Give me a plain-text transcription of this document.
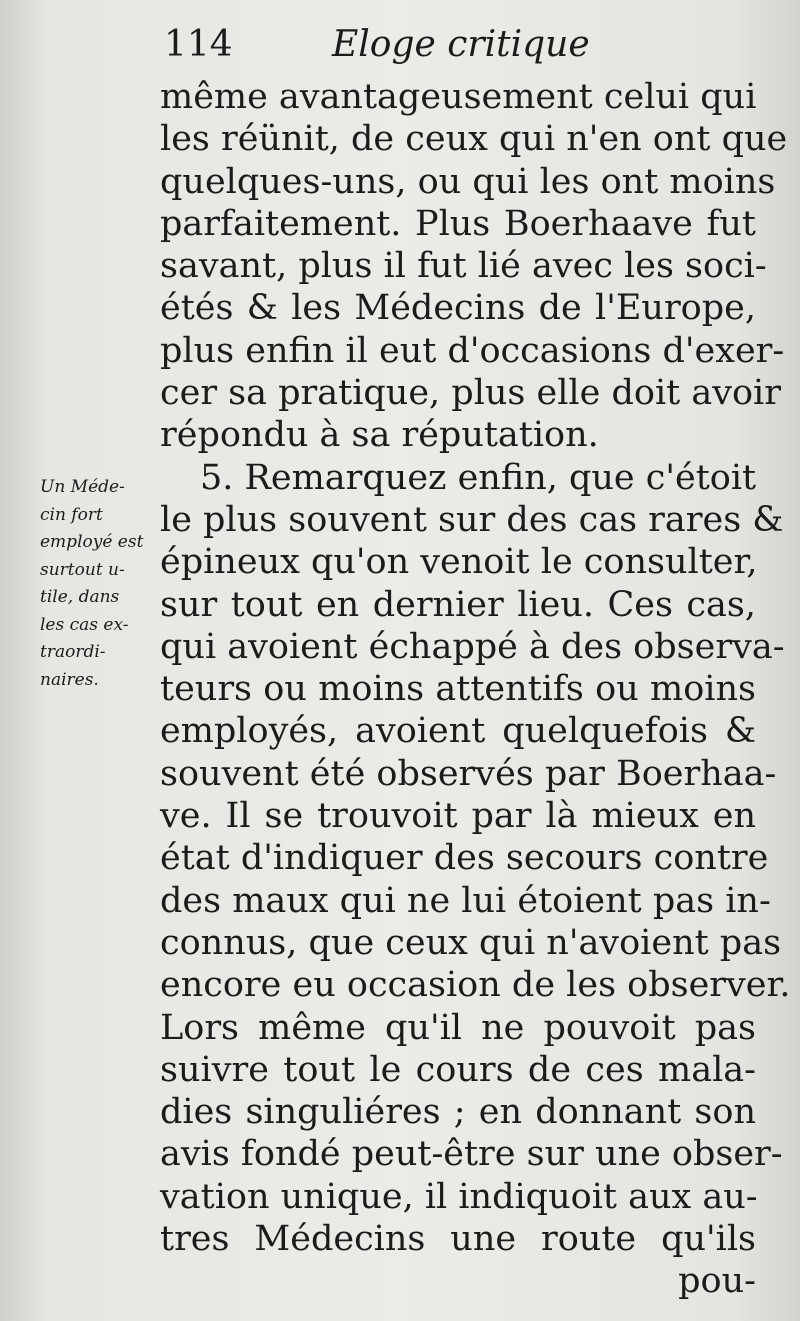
114	Eloge critique
Un Méde-
cin fort
employé est
surtout u-
tile, dans
les cas ex-
traordi-
naires.
même avantageusement celui qui
les réünit, de ceux qui n'en ont que
quelques-uns, ou qui les ont moins
parfaitement. Plus Boerhaave fut
savant, plus il fut lié avec les soci-
étés & les Médecins de l'Europe,
plus enfin il eut d'occasions d'exer-
cer sa pratique, plus elle doit avoir
répondu à sa réputation.
5. Remarquez enfin, que c'étoit
le plus souvent sur des cas rares &
épineux qu'on venoit le consulter,
sur tout en dernier lieu. Ces cas,
qui avoient échappé à des observa-
teurs ou moins attentifs ou moins
employés, avoient quelquefois &
souvent été observés par Boerhaa-
ve. Il se trouvoit par là mieux en
état d'indiquer des secours contre
des maux qui ne lui étoient pas in-
connus, que ceux qui n'avoient pas
encore eu occasion de les observer.
Lors même qu'il ne pouvoit pas
suivre tout le cours de ces mala-
dies singuliéres ; en donnant son
avis fondé peut-être sur une obser-
vation unique, il indiquoit aux au-
tres Médecins une route qu'ils
pou-
